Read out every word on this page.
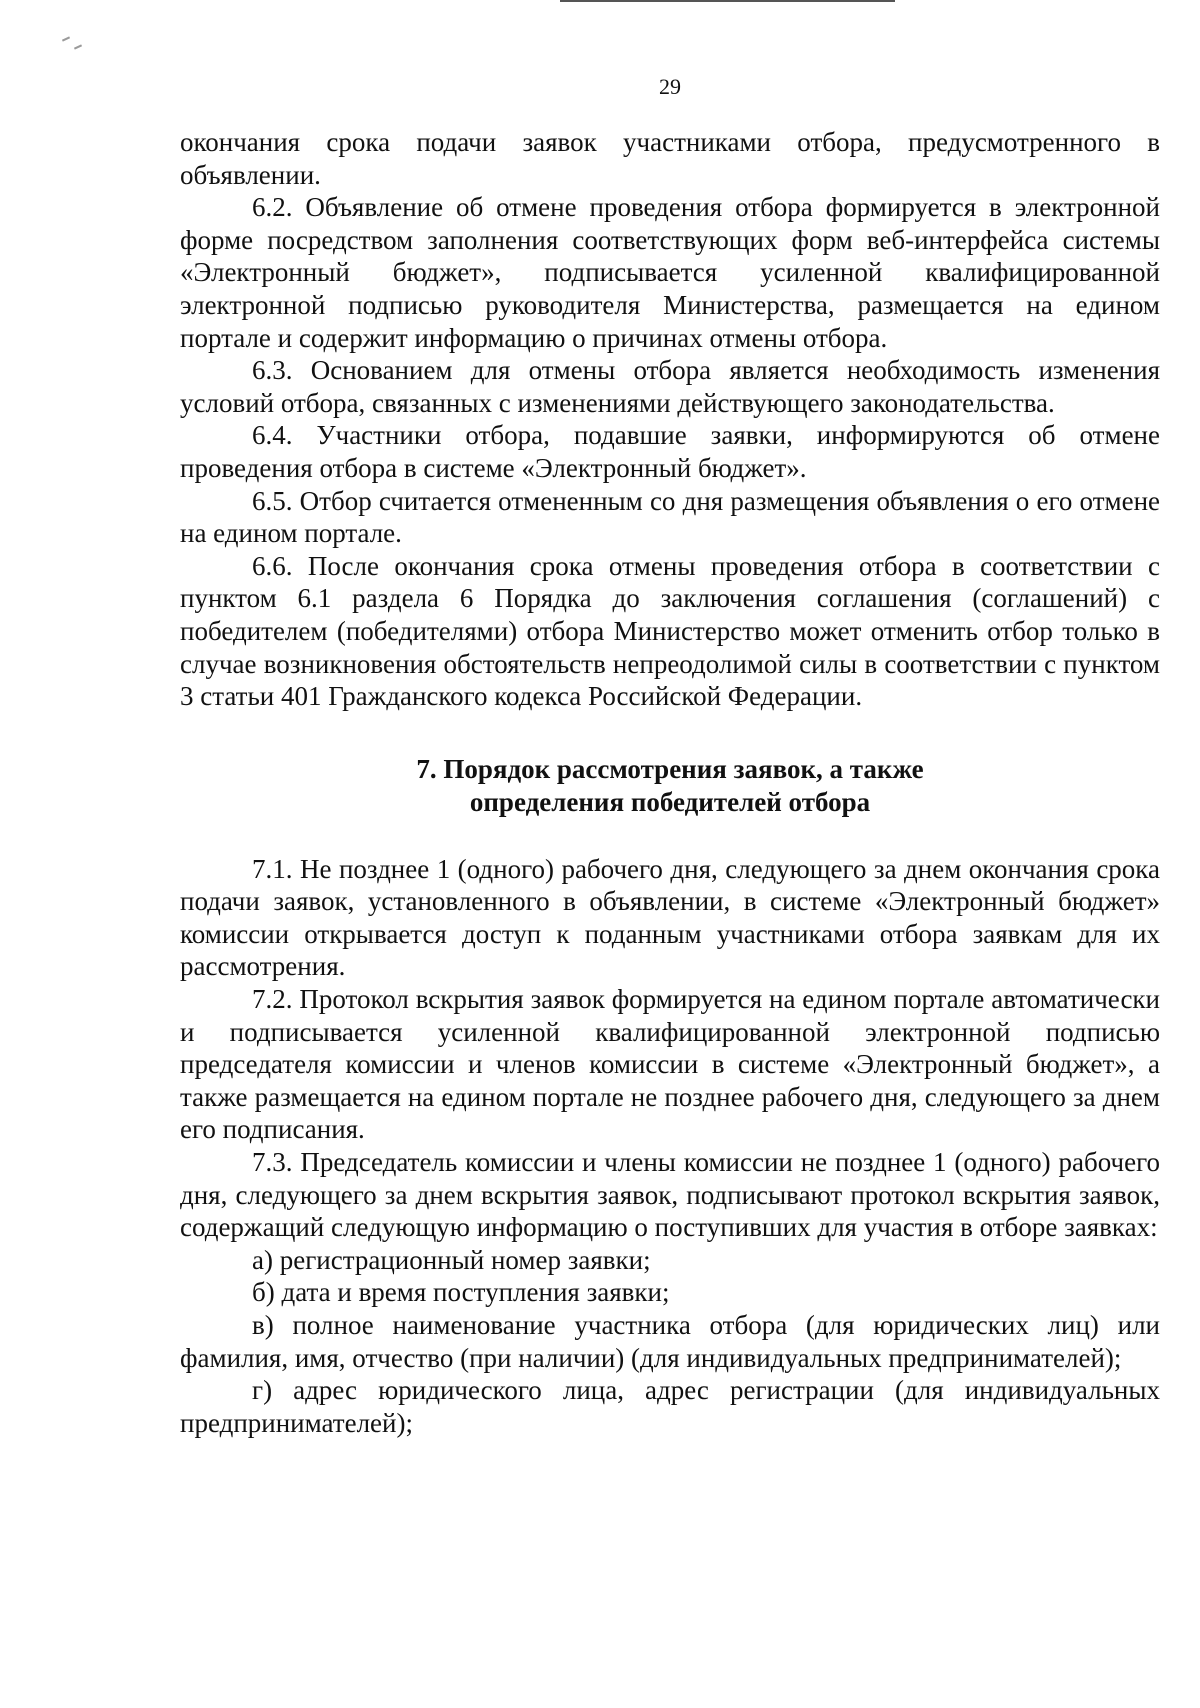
29

окончания срока подачи заявок участниками отбора, предусмотренного в объявлении.

6.2. Объявление об отмене проведения отбора формируется в электронной форме посредством заполнения соответствующих форм веб-интерфейса системы «Электронный бюджет», подписывается усиленной квалифицированной электронной подписью руководителя Министерства, размещается на едином портале и содержит информацию о причинах отмены отбора.

6.3. Основанием для отмены отбора является необходимость изменения условий отбора, связанных с изменениями действующего законодательства.

6.4. Участники отбора, подавшие заявки, информируются об отмене проведения отбора в системе «Электронный бюджет».

6.5. Отбор считается отмененным со дня размещения объявления о его отмене на едином портале.

6.6. После окончания срока отмены проведения отбора в соответствии с пунктом 6.1 раздела 6 Порядка до заключения соглашения (соглашений) с победителем (победителями) отбора Министерство может отменить отбор только в случае возникновения обстоятельств непреодолимой силы в соответствии с пунктом 3 статьи 401 Гражданского кодекса Российской Федерации.

7. Порядок рассмотрения заявок, а также
определения победителей отбора

7.1. Не позднее 1 (одного) рабочего дня, следующего за днем окончания срока подачи заявок, установленного в объявлении, в системе «Электронный бюджет» комиссии открывается доступ к поданным участниками отбора заявкам для их рассмотрения.

7.2. Протокол вскрытия заявок формируется на едином портале автоматически и подписывается усиленной квалифицированной электронной подписью председателя комиссии и членов комиссии в системе «Электронный бюджет», а также размещается на едином портале не позднее рабочего дня, следующего за днем его подписания.

7.3. Председатель комиссии и члены комиссии не позднее 1 (одного) рабочего дня, следующего за днем вскрытия заявок, подписывают протокол вскрытия заявок, содержащий следующую информацию о поступивших для участия в отборе заявках:

а) регистрационный номер заявки;

б) дата и время поступления заявки;

в) полное наименование участника отбора (для юридических лиц) или фамилия, имя, отчество (при наличии) (для индивидуальных предпринимателей);

г) адрес юридического лица, адрес регистрации (для индивидуальных предпринимателей);
